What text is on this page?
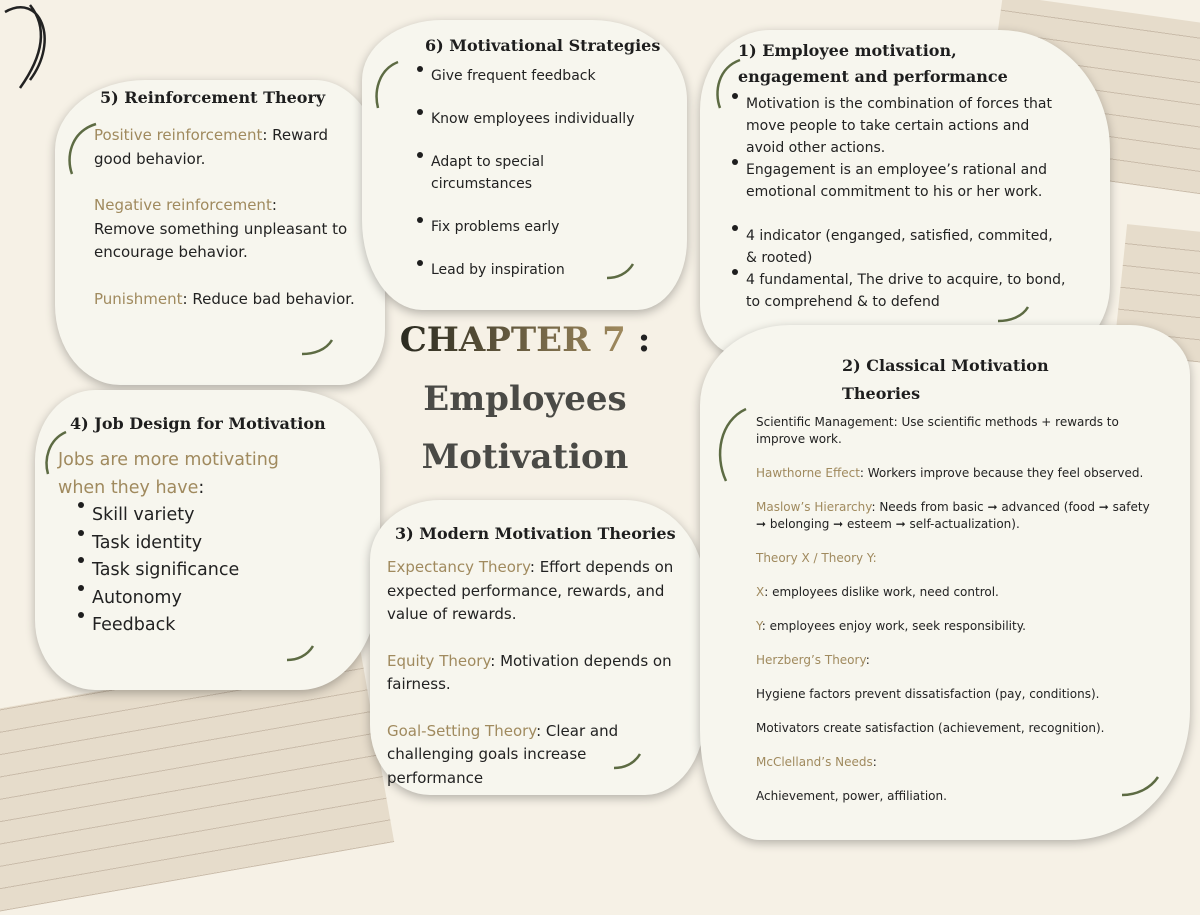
5) Reinforcement Theory

Positive reinforcement: Reward good behavior.

Negative reinforcement:
Remove something unpleasant to encourage behavior.

Punishment: Reduce bad behavior.

6) Motivational Strategies
Give frequent feedback
Know employees individually
Adapt to special circumstances
Fix problems early
Lead by inspiration
1) Employee motivation,
engagement and performance
Motivation is the combination of forces that move people to take certain actions and avoid other actions.
Engagement is an employee’s rational and emotional commitment to his or her work.
4 indicator (enganged, satisfied, commited, & rooted)
4 fundamental, The drive to acquire, to bond, to comprehend & to defend
CHAPTER 7 :
Employees
Motivation
4) Job Design for Motivation
Jobs are more motivating when they have:
Skill variety
Task identity
Task significance
Autonomy
Feedback
3) Modern Motivation Theories

Expectancy Theory: Effort depends on expected performance, rewards, and value of rewards.

Equity Theory: Motivation depends on fairness.

Goal-Setting Theory: Clear and challenging goals increase performance

2) Classical Motivation
Theories

Scientific Management: Use scientific methods + rewards to improve work.

Hawthorne Effect: Workers improve because they feel observed.

Maslow’s Hierarchy: Needs from basic ➞ advanced (food ➞ safety ➞ belonging ➞ esteem ➞ self-actualization).

Theory X / Theory Y:

X: employees dislike work, need control.

Y: employees enjoy work, seek responsibility.

Herzberg’s Theory:

Hygiene factors prevent dissatisfaction (pay, conditions).

Motivators create satisfaction (achievement, recognition).

McClelland’s Needs:

Achievement, power, affiliation.
